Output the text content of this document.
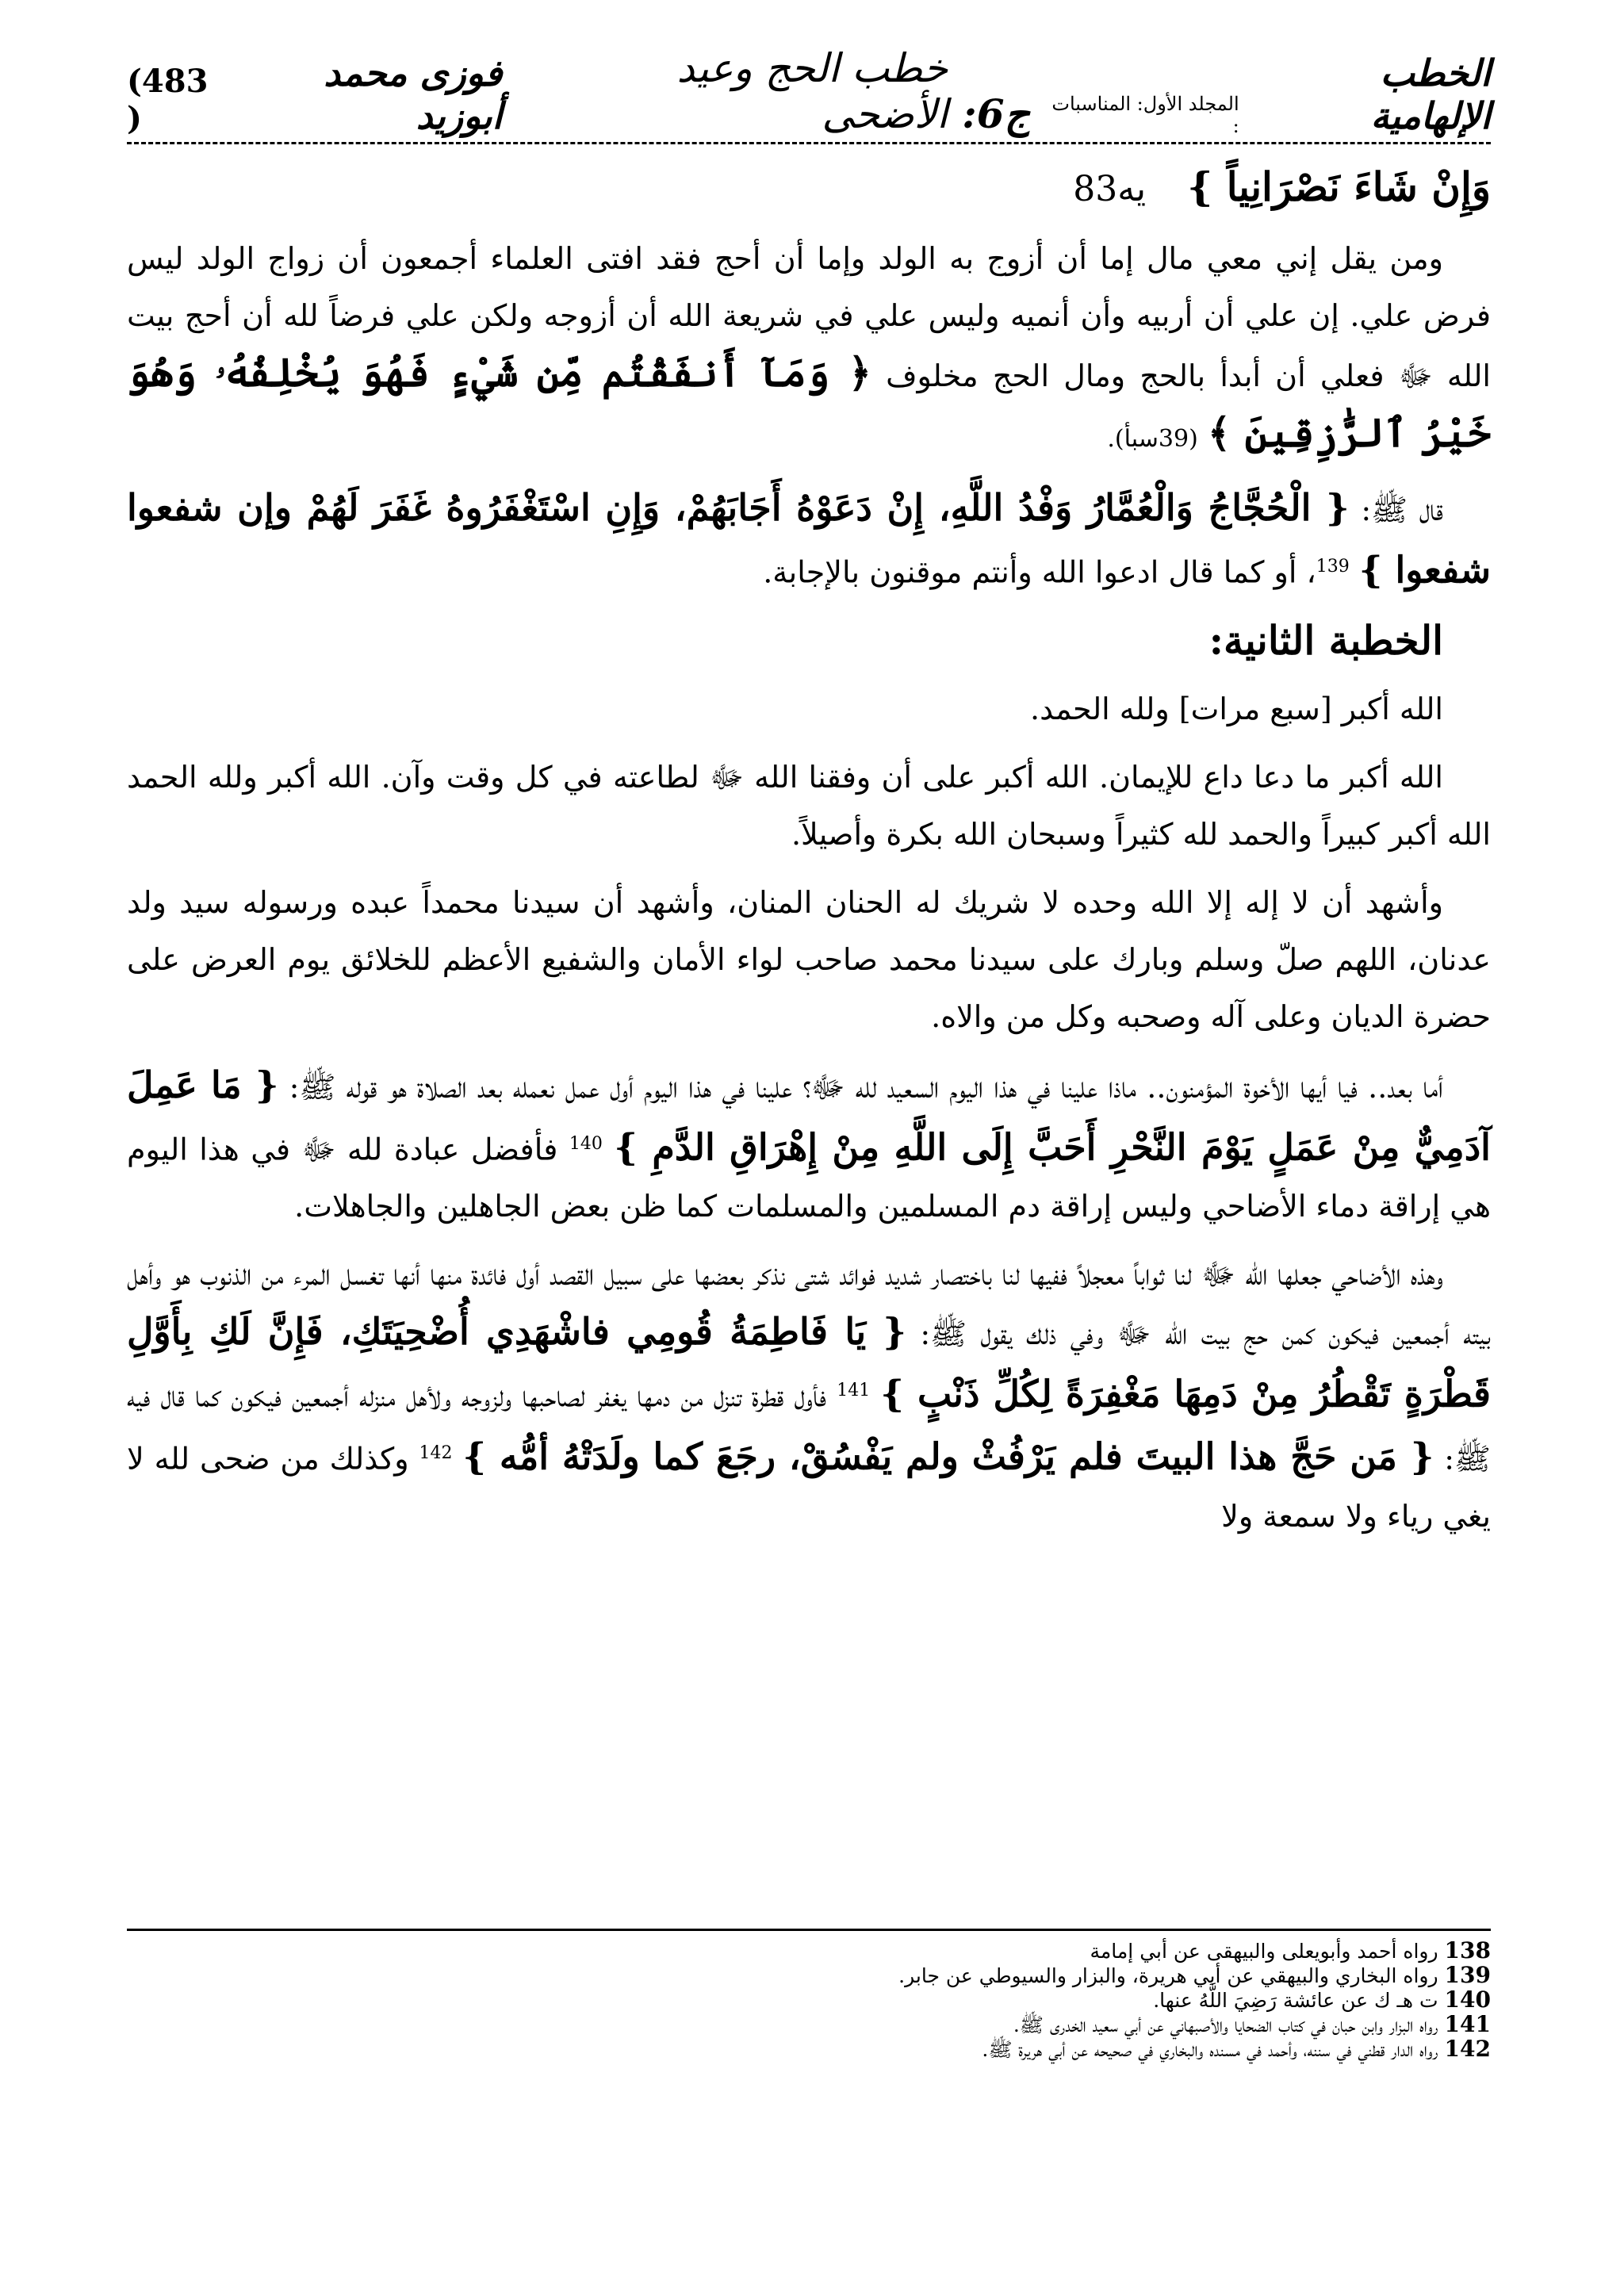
الخطب الإلهامية
المجلد الأول: المناسبات :
ج6:
خطب الحج وعيد الأضحى
فوزى محمد أبوزيد
(483 )

وَإِنْ شَاءَ نَصْرَانِياً } يه83

ومن يقل إني معي مال إما أن أزوج به الولد وإما أن أحج فقد افتى العلماء أجمعون أن زواج الولد ليس فرض علي. إن علي أن أربيه وأن أنميه وليس علي في شريعة الله أن أزوجه ولكن علي فرضاً لله أن أحج بيت الله ﷻ فعلي أن أبدأ بالحج ومال الحج مخلوف ﴿ وَمَآ أَنفَقْتُم مِّن شَيْءٍ فَهُوَ يُخْلِفُهُۥ وَهُوَ خَيْرُ ٱلرَّٰزِقِينَ ﴾ (39سبأ).

قال ﷺ: { الْحُجَّاجُ وَالْعُمَّارُ وَفْدُ اللَّهِ، إِنْ دَعَوْهُ أَجَابَهُمْ، وَإِنِ اسْتَغْفَرُوهُ غَفَرَ لَهُمْ وإن شفعوا شفعوا } $^{139}$، أو كما قال ادعوا الله وأنتم موقنون بالإجابة.

الخطبة الثانية:

الله أكبر [سبع مرات] ولله الحمد.

الله أكبر ما دعا داع للإيمان. الله أكبر على أن وفقنا الله ﷻ لطاعته في كل وقت وآن. الله أكبر ولله الحمد الله أكبر كبيراً والحمد لله كثيراً وسبحان الله بكرة وأصيلاً.

وأشهد أن لا إله إلا الله وحده لا شريك له الحنان المنان، وأشهد أن سيدنا محمداً عبده ورسوله سيد ولد عدنان، اللهم صلّ وسلم وبارك على سيدنا محمد صاحب لواء الأمان والشفيع الأعظم للخلائق يوم العرض على حضرة الديان وعلى آله وصحبه وكل من والاه.

أما بعد.. فيا أيها الأخوة المؤمنون.. ماذا علينا في هذا اليوم السعيد لله ﷻ؟ علينا في هذا اليوم أول عمل نعمله بعد الصلاة هو قوله ﷺ: { مَا عَمِلَ آدَمِيٌّ مِنْ عَمَلٍ يَوْمَ النَّحْرِ أَحَبَّ إِلَى اللَّهِ مِنْ إِهْرَاقِ الدَّمِ } $^{140}$ فأفضل عبادة لله ﷻ في هذا اليوم هي إراقة دماء الأضاحي وليس إراقة دم المسلمين والمسلمات كما ظن بعض الجاهلين والجاهلات.

وهذه الأضاحي جعلها الله ﷻ لنا ثواباً معجلاً ففيها لنا باختصار شديد فوائد شتى نذكر بعضها على سبيل القصد أول فائدة منها أنها تغسل المرء من الذنوب هو وأهل بيته أجمعين فيكون كمن حج بيت الله ﷻ وفي ذلك يقول ﷺ: { يَا فَاطِمَةُ قُومِي فاشْهَدِي أُضْحِيَتَكِ، فَإِنَّ لَكِ بِأَوَّلِ قَطْرَةٍ تَقْطُرُ مِنْ دَمِهَا مَغْفِرَةً لِكُلِّ ذَنْبٍ } $^{141}$ فأول قطرة تنزل من دمها يغفر لصاحبها ولزوجه ولأهل منزله أجمعين فيكون كما قال فيه ﷺ: { مَن حَجَّ هذا البيتَ فلم يَرْفُثْ ولم يَفْسُقْ، رجَعَ كما ولَدَتْهُ أمُّه } $^{142}$ وكذلك من ضحى لله لا يغي رياء ولا سمعة ولا

138رواه أحمد وأبويعلى والبيهقى عن أبي إمامة
139رواه البخاري والبيهقي عن أبي هريرة، والبزار والسيوطي عن جابر.
140ت هـ ك عن عائشة رَضِيَ اللَّهُ عنها.
141رواه البزار وابن حبان في كتاب الضحايا والأصبهاني عن أبي سعيد الخدرى ﷺ.
142رواه الدار قطني في سننه، وأحمد في مسنده والبخاري في صحيحه عن أبي هريرة ﷺ.
